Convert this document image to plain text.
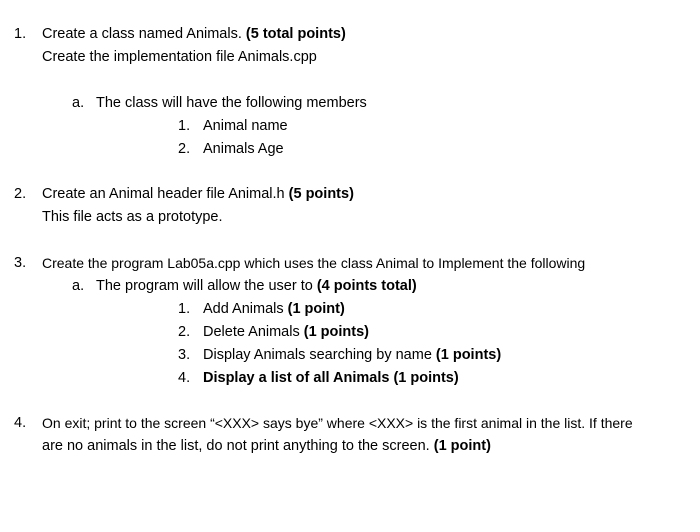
1. Create a class named Animals. (5 total points)
Create the implementation file Animals.cpp
a. The class will have the following members
1. Animal name
2. Animals Age
2. Create an Animal header file Animal.h (5 points)
This file acts as a prototype.
3. Create the program Lab05a.cpp which uses the class Animal to Implement the following
a. The program will allow the user to (4 points total)
1. Add Animals (1 point)
2. Delete Animals (1 points)
3. Display Animals searching by name (1 points)
4. Display a list of all Animals (1 points)
4. On exit; print to the screen “<XXX> says bye” where <XXX> is the first animal in the list. If there
are no animals in the list, do not print anything to the screen. (1 point)
